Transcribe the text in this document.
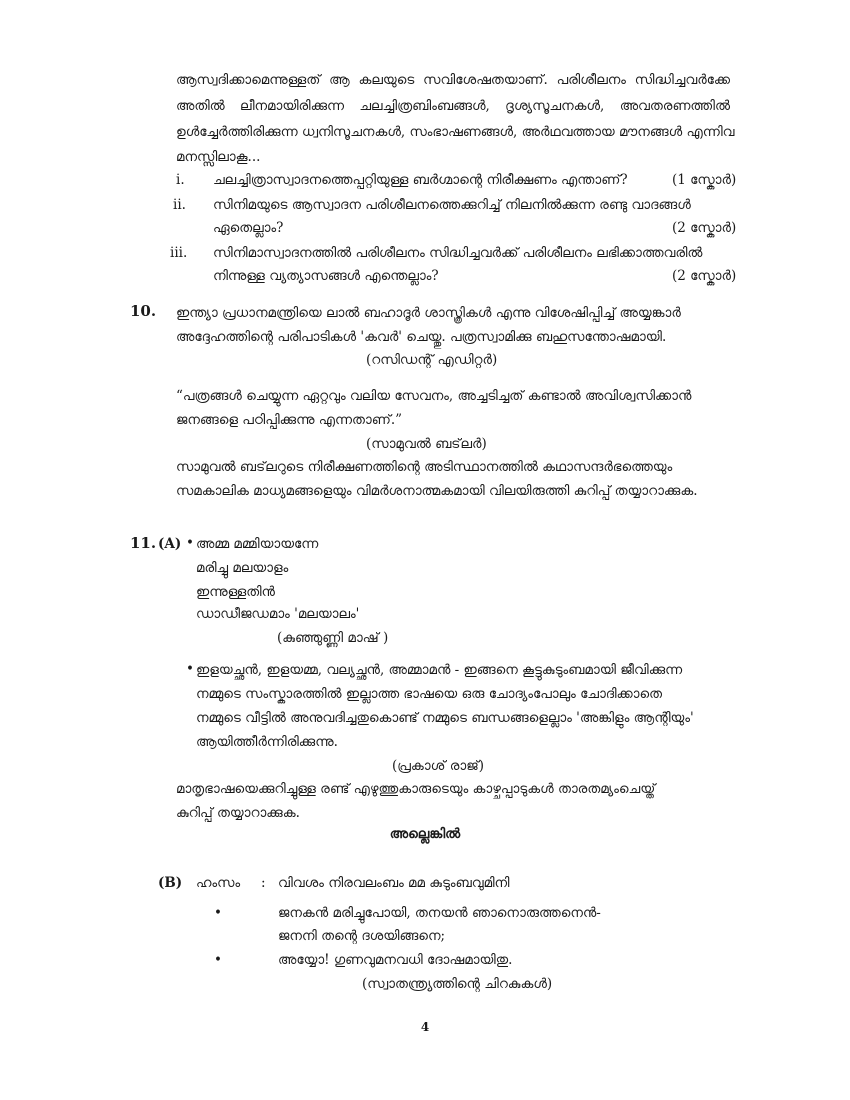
ആസ്വദിക്കാമെന്നുള്ളത് ആ കലയുടെ സവിശേഷതയാണ്. പരിശീലനം സിദ്ധിച്ചവർക്കേ
അതിൽ ലീനമായിരിക്കുന്ന ചലച്ചിത്രബിംബങ്ങൾ, ദൃശ്യസൂചനകൾ, അവതരണത്തിൽ
ഉൾച്ചേർത്തിരിക്കുന്ന ധ്വനിസൂചനകൾ, സംഭാഷണങ്ങൾ, അർഥവത്തായ മൗനങ്ങൾ എന്നിവ
മനസ്സിലാകൂ...
i. ചലച്ചിത്രാസ്വാദനത്തെപ്പറ്റിയുള്ള ബർഗ്മാന്റെ നിരീക്ഷണം എന്താണ്?	(1 സ്കോർ)
ii. സിനിമയുടെ ആസ്വാദന പരിശീലനത്തെക്കുറിച്ച് നിലനിൽക്കുന്ന രണ്ടു വാദങ്ങൾ
ഏതെല്ലാം?	(2 സ്കോർ)
iii. സിനിമാസ്വാദനത്തിൽ പരിശീലനം സിദ്ധിച്ചവർക്ക് പരിശീലനം ലഭിക്കാത്തവരിൽ
നിന്നുള്ള വ്യത്യാസങ്ങൾ എന്തെല്ലാം?	(2 സ്കോർ)
10. ഇന്ത്യാ പ്രധാനമന്ത്രിയെ ലാൽ ബഹാദൂർ ശാസ്ത്രികൾ എന്നു വിശേഷിപ്പിച്ച് അയ്യങ്കാർ
അദ്ദേഹത്തിന്റെ പരിപാടികൾ 'കവർ' ചെയ്തു. പത്രസ്വാമിക്കു ബഹുസന്തോഷമായി.
(റസിഡന്റ് എഡിറ്റർ)
“പത്രങ്ങൾ ചെയ്യുന്ന ഏറ്റവും വലിയ സേവനം, അച്ചടിച്ചത് കണ്ടാൽ അവിശ്വസിക്കാൻ
ജനങ്ങളെ പഠിപ്പിക്കുന്നു എന്നതാണ്.”
(സാമുവൽ ബട്‌ലർ)
സാമുവൽ ബട്‌ലറുടെ നിരീക്ഷണത്തിന്റെ അടിസ്ഥാനത്തിൽ കഥാസന്ദർഭത്തെയും
സമകാലിക മാധ്യമങ്ങളെയും വിമർശനാത്മകമായി വിലയിരുത്തി കുറിപ്പ് തയ്യാറാക്കുക.
11. (A) • അമ്മ മമ്മിയായന്നേ
മരിച്ചു മലയാളം
ഇന്നുള്ളതിൻ
ഡാഡീജഡമാം 'മലയാലം'
(കുഞ്ഞുണ്ണി മാഷ് )
• ഇളയച്ഛൻ, ഇളയമ്മ, വല്യച്ഛൻ, അമ്മാമൻ - ഇങ്ങനെ കൂട്ടുകുടുംബമായി ജീവിക്കുന്ന
നമ്മുടെ സംസ്കാരത്തിൽ ഇല്ലാത്ത ഭാഷയെ ഒരു ചോദ്യംപോലും ചോദിക്കാതെ
നമ്മുടെ വീട്ടിൽ അനുവദിച്ചതുകൊണ്ട് നമ്മുടെ ബന്ധങ്ങളെല്ലാം 'അങ്കിളും ആന്റിയും'
ആയിത്തീർന്നിരിക്കുന്നു.
(പ്രകാശ് രാജ്)
മാതൃഭാഷയെക്കുറിച്ചുള്ള രണ്ട് എഴുത്തുകാരുടെയും കാഴ്ചപ്പാടുകൾ താരതമ്യംചെയ്ത്
കുറിപ്പ് തയ്യാറാക്കുക.
അല്ലെങ്കിൽ
(B) ഹംസം : വിവശം നിരവലംബം മമ കുടുംബവുമിനി
•	ജനകൻ മരിച്ചുപോയി, തനയൻ ഞാനൊരുത്തനെൻ-
ജനനി തന്റെ ദശയിങ്ങനെ;
•	അയ്യോ! ഗുണവുമനവധി ദോഷമായിതു.
(സ്വാതന്ത്ര്യത്തിന്റെ ചിറകുകൾ)
4
